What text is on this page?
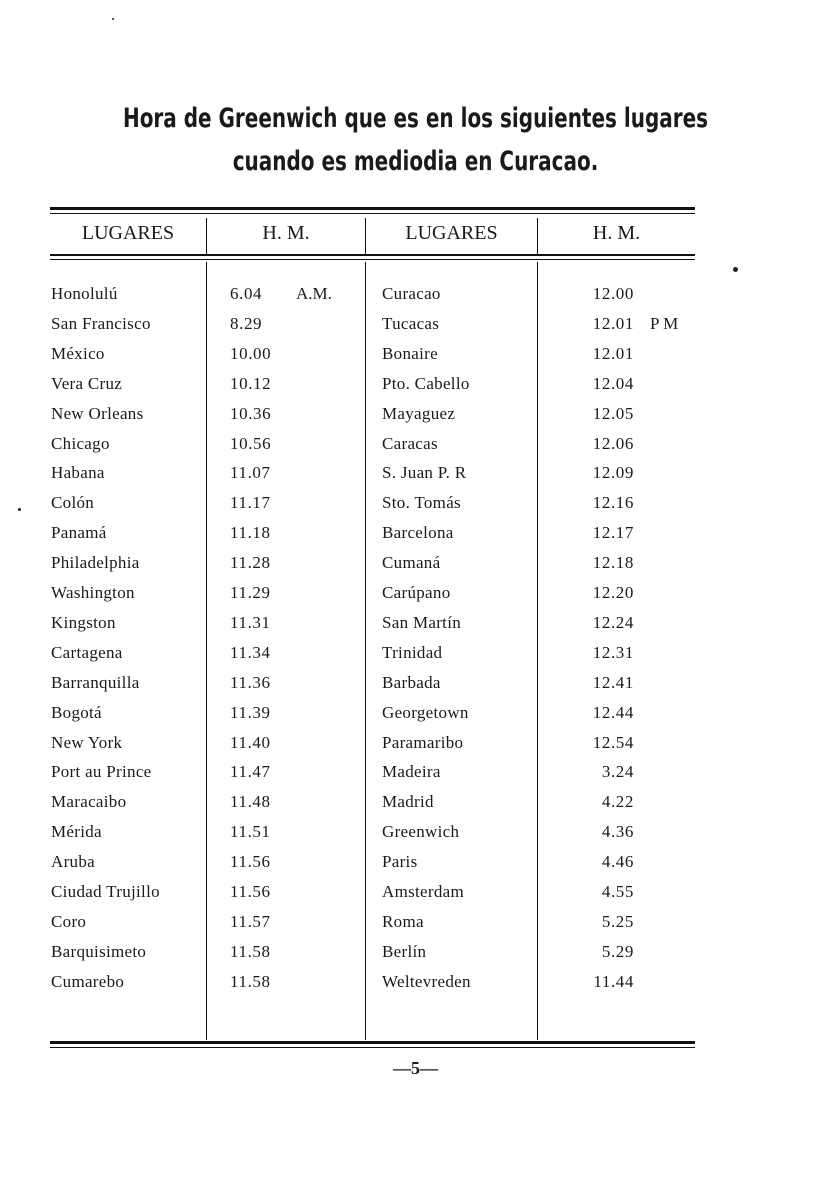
Hora de Greenwich que es en los siguientes lugares
cuando es mediodia en Curacao.
LUGARES	H. M.	LUGARES	H. M.
Honolulú	6.04 A.M.	Curacao	12.00
San Francisco	8.29	Tucacas	12.01 P M
México	10.00	Bonaire	12.01
Vera Cruz	10.12	Pto. Cabello	12.04
New Orleans	10.36	Mayaguez	12.05
Chicago	10.56	Caracas	12.06
Habana	11.07	S. Juan P. R	12.09
Colón	11.17	Sto. Tomás	12.16
Panamá	11.18	Barcelona	12.17
Philadelphia	11.28	Cumaná	12.18
Washington	11.29	Carúpano	12.20
Kingston	11.31	San Martín	12.24
Cartagena	11.34	Trinidad	12.31
Barranquilla	11.36	Barbada	12.41
Bogotá	11.39	Georgetown	12.44
New York	11.40	Paramaribo	12.54
Port au Prince	11.47	Madeira	3.24
Maracaibo	11.48	Madrid	4.22
Mérida	11.51	Greenwich	4.36
Aruba	11.56	Paris	4.46
Ciudad Trujillo	11.56	Amsterdam	4.55
Coro	11.57	Roma	5.25
Barquisimeto	11.58	Berlín	5.29
Cumarebo	11.58	Weltevreden	11.44
—5—
